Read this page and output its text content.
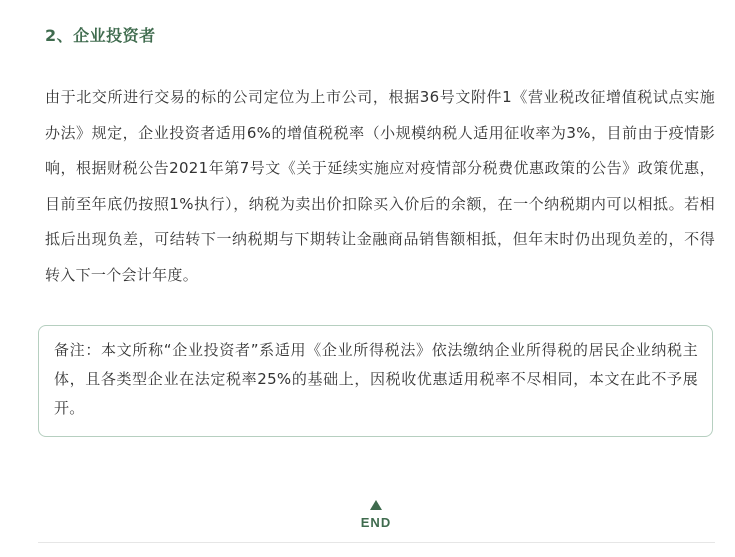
2、企业投资者
由于北交所进行交易的标的公司定位为上市公司，根据36号文附件1《营业税改征增值税试点实施办法》规定，企业投资者适用6%的增值税税率（小规模纳税人适用征收率为3%，目前由于疫情影响，根据财税公告2021年第7号文《关于延续实施应对疫情部分税费优惠政策的公告》政策优惠，目前至年底仍按照1%执行），纳税为卖出价扣除买入价后的余额，在一个纳税期内可以相抵。若相抵后出现负差，可结转下一纳税期与下期转让金融商品销售额相抵，但年末时仍出现负差的，不得转入下一个会计年度。
备注：本文所称“企业投资者”系适用《企业所得税法》依法缴纳企业所得税的居民企业纳税主体，且各类型企业在法定税率25%的基础上，因税收优惠适用税率不尽相同，本文在此不予展开。
END
